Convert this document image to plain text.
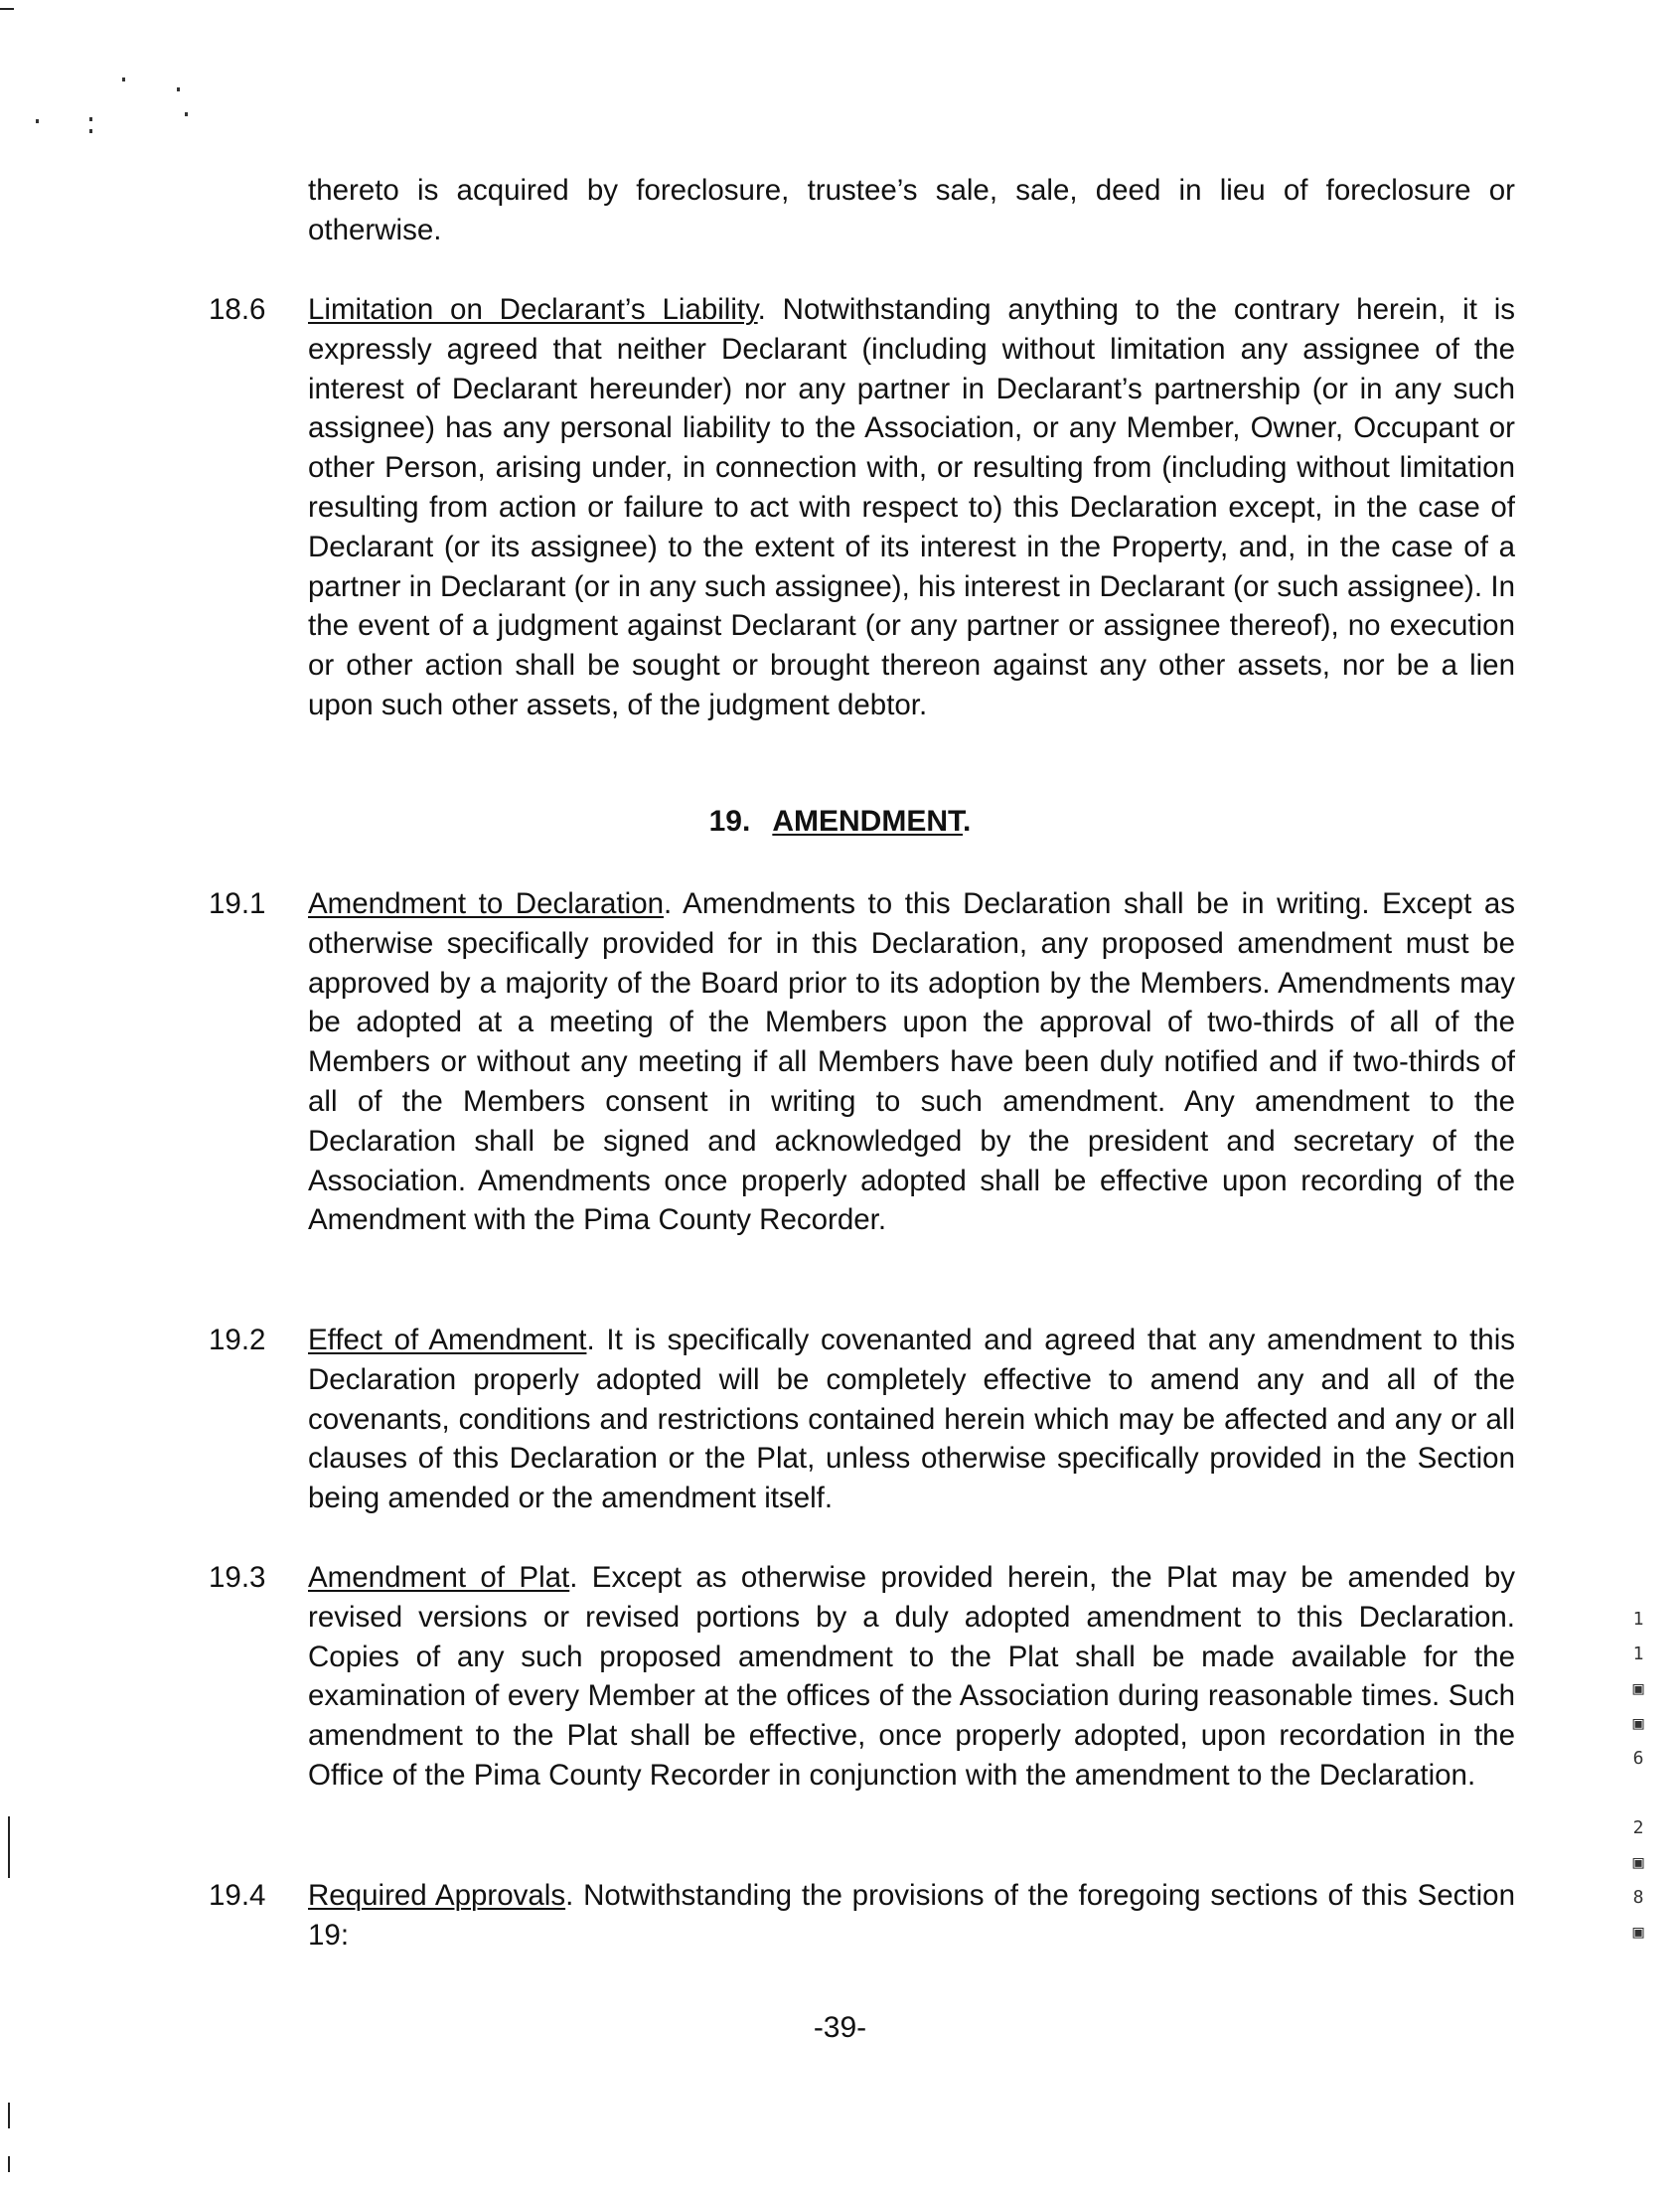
1
1
▣
▣
6
2
▣
8
▣
thereto is acquired by foreclosure, trustee’s sale, sale, deed in lieu of foreclosure or otherwise.
18.6 Limitation on Declarant’s Liability. Notwithstanding anything to the contrary herein, it is expressly agreed that neither Declarant (including without limitation any assignee of the interest of Declarant hereunder) nor any partner in Declarant’s partnership (or in any such assignee) has any personal liability to the Association, or any Member, Owner, Occupant or other Person, arising under, in connection with, or resulting from (including without limitation resulting from action or failure to act with respect to) this Declaration except, in the case of Declarant (or its assignee) to the extent of its interest in the Property, and, in the case of a partner in Declarant (or in any such assignee), his interest in Declarant (or such assignee). In the event of a judgment against Declarant (or any partner or assignee thereof), no execution or other action shall be sought or brought thereon against any other assets, nor be a lien upon such other assets, of the judgment debtor.
19. AMENDMENT.
19.1 Amendment to Declaration. Amendments to this Declaration shall be in writing. Except as otherwise specifically provided for in this Declaration, any proposed amendment must be approved by a majority of the Board prior to its adoption by the Members. Amendments may be adopted at a meeting of the Members upon the approval of two-thirds of all of the Members or without any meeting if all Members have been duly notified and if two-thirds of all of the Members consent in writing to such amendment. Any amendment to the Declaration shall be signed and acknowledged by the president and secretary of the Association. Amendments once properly adopted shall be effective upon recording of the Amendment with the Pima County Recorder.
19.2 Effect of Amendment. It is specifically covenanted and agreed that any amendment to this Declaration properly adopted will be completely effective to amend any and all of the covenants, conditions and restrictions contained herein which may be affected and any or all clauses of this Declaration or the Plat, unless otherwise specifically provided in the Section being amended or the amendment itself.
19.3 Amendment of Plat. Except as otherwise provided herein, the Plat may be amended by revised versions or revised portions by a duly adopted amendment to this Declaration. Copies of any such proposed amendment to the Plat shall be made available for the examination of every Member at the offices of the Association during reasonable times. Such amendment to the Plat shall be effective, once properly adopted, upon recordation in the Office of the Pima County Recorder in conjunction with the amendment to the Declaration.
19.4 Required Approvals. Notwithstanding the provisions of the foregoing sections of this Section 19:
-39-
